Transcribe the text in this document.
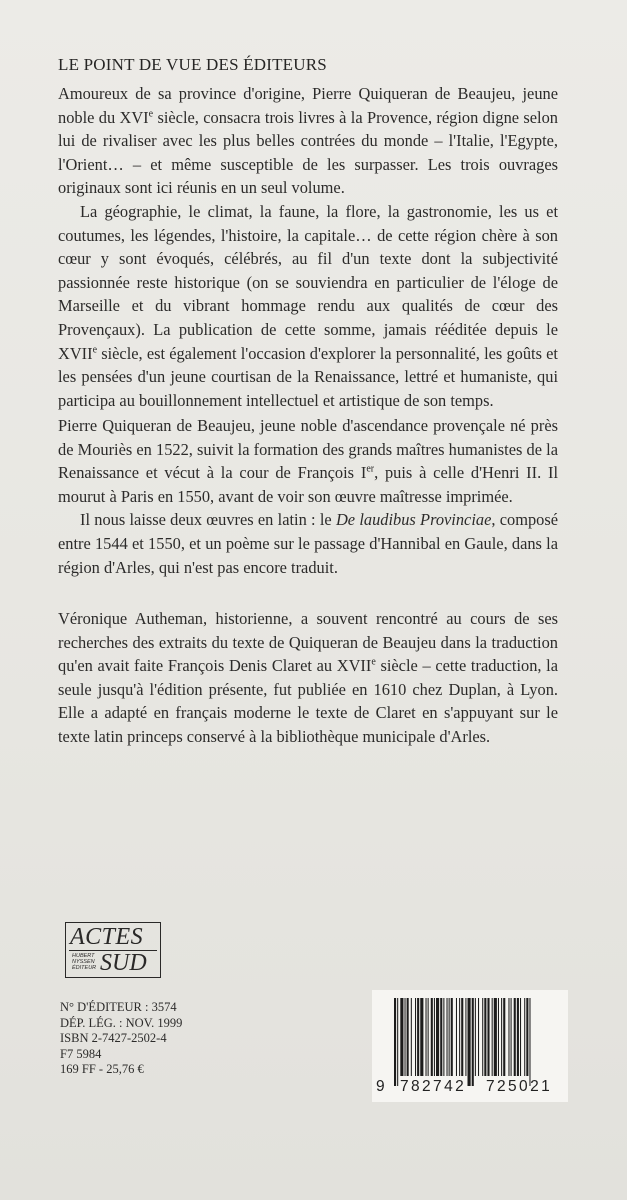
LE POINT DE VUE DES ÉDITEURS

Amoureux de sa province d'origine, Pierre Quiqueran de Beaujeu, jeune noble du XVIe siècle, consacra trois livres à la Provence, région digne selon lui de rivaliser avec les plus belles contrées du monde – l'Italie, l'Egypte, l'Orient… – et même susceptible de les surpasser. Les trois ouvrages originaux sont ici réunis en un seul volume.
La géographie, le climat, la faune, la flore, la gastronomie, les us et coutumes, les légendes, l'histoire, la capitale… de cette région chère à son cœur y sont évoqués, célébrés, au fil d'un texte dont la subjectivité passionnée reste historique (on se souviendra en particulier de l'éloge de Marseille et du vibrant hommage rendu aux qualités de cœur des Provençaux). La publication de cette somme, jamais rééditée depuis le XVIIe siècle, est également l'occasion d'explorer la personnalité, les goûts et les pensées d'un jeune courtisan de la Renaissance, lettré et humaniste, qui participa au bouillonnement intellectuel et artistique de son temps.

Pierre Quiqueran de Beaujeu, jeune noble d'ascendance provençale né près de Mouriès en 1522, suivit la formation des grands maîtres humanistes de la Renaissance et vécut à la cour de François Ier, puis à celle d'Henri II. Il mourut à Paris en 1550, avant de voir son œuvre maîtresse imprimée.
Il nous laisse deux œuvres en latin : le De laudibus Provinciae, composé entre 1544 et 1550, et un poème sur le passage d'Hannibal en Gaule, dans la région d'Arles, qui n'est pas encore traduit.

Véronique Autheman, historienne, a souvent rencontré au cours de ses recherches des extraits du texte de Quiqueran de Beaujeu dans la traduction qu'en avait faite François Denis Claret au XVIIe siècle – cette traduction, la seule jusqu'à l'édition présente, fut publiée en 1610 chez Duplan, à Lyon. Elle a adapté en français moderne le texte de Claret en s'appuyant sur le texte latin princeps conservé à la bibliothèque municipale d'Arles.

ACTES
HUBERT NYSSEN ÉDITEUR SUD
N° D'ÉDITEUR : 3574
DÉP. LÉG. : NOV. 1999
ISBN 2-7427-2502-4
F7 5984
169 FF - 25,76 €
9 782742 725021
